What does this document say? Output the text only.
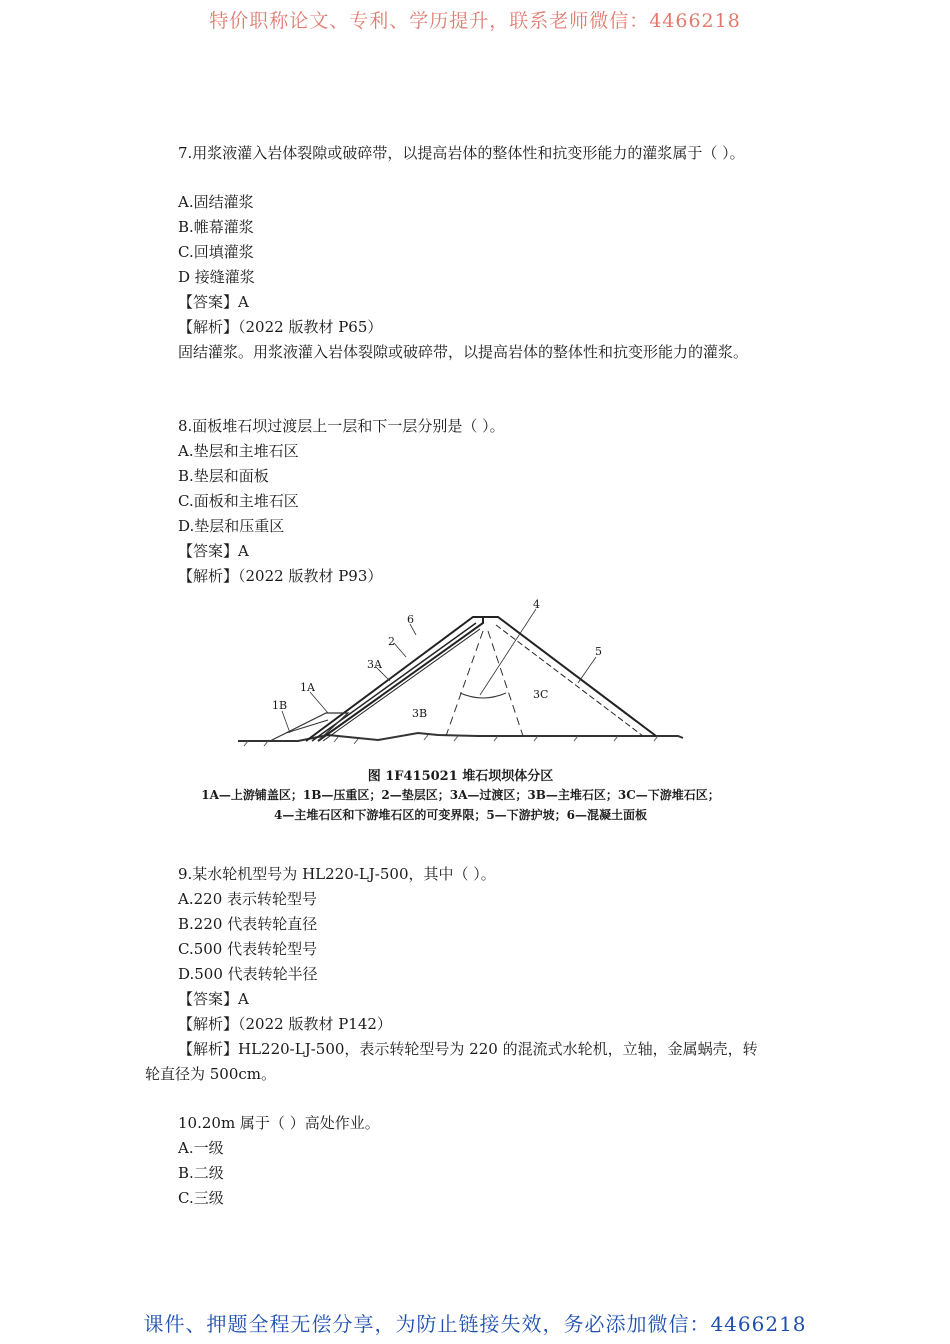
特价职称论文、专利、学历提升，联系老师微信：4466218
7.用浆液灌入岩体裂隙或破碎带，以提高岩体的整体性和抗变形能力的灌浆属于（ ）。
A.固结灌浆
B.帷幕灌浆
C.回填灌浆
D 接缝灌浆
【答案】A
【解析】（2022 版教材 P65）
固结灌浆。用浆液灌入岩体裂隙或破碎带，以提高岩体的整体性和抗变形能力的灌浆。
8.面板堆石坝过渡层上一层和下一层分别是（ ）。
A.垫层和主堆石区
B.垫层和面板
C.面板和主堆石区
D.垫层和压重区
【答案】A
【解析】（2022 版教材 P93）
6
2
3A
1A
1B
3B
3C
4
5
图 1F415021 堆石坝坝体分区
1A—上游铺盖区；1B—压重区；2—垫层区；3A—过渡区；3B—主堆石区；3C—下游堆石区；
4—主堆石区和下游堆石区的可变界限；5—下游护坡；6—混凝土面板
9.某水轮机型号为 HL220-LJ-500，其中（ ）。
A.220 表示转轮型号
B.220 代表转轮直径
C.500 代表转轮型号
D.500 代表转轮半径
【答案】A
【解析】（2022 版教材 P142）
【解析】HL220-LJ-500，表示转轮型号为 220 的混流式水轮机，立轴，金属蜗壳，转
轮直径为 500cm。
10.20m 属于（ ）高处作业。
A.一级
B.二级
C.三级
课件、押题全程无偿分享，为防止链接失效，务必添加微信：4466218
